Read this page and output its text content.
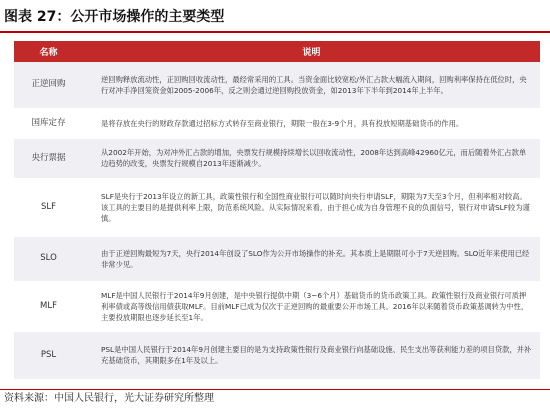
图表 27：公开市场操作的主要类型
名称	说明
正逆回购	逆回购释放流动性，正回购回收流动性，最经常采用的工具。当资金面比较宽松/外汇占款大幅流入期间，回购利率保持在低位时，央行对冲手净回笼资金如2005-2006年，反之则会通过逆回购投放资金，如2013年下半年到2014年上半年。
国库定存	是将存放在央行的财政存款通过招标方式转存至商业银行，期限一般在3-9个月，具有投放短期基础货币的作用。
央行票据	从2002年开始，为对冲外汇占款的增加，央票发行规模持续增长以回收流动性，2008年达到高峰42960亿元，而后随着外汇占款单边趋势的改变，央票发行规模自2013年逐渐减少。
SLF	SLF是央行于2013年设立的新工具，政策性银行和全国性商业银行可以随时向央行申请SLF，期限为7天至3个月，但利率相对较高。该工具的主要目的是提供利率上限，防范系统风险。从实际情况来看，由于担心成为自身管理不良的负面信号，银行对申请SLF较为谨慎。
SLO	由于正逆回购最短为7天，央行2014年创设了SLO作为公开市场操作的补充。其本质上是期限可小于7天逆回购。SLO近年来使用已经非常少见。
MLF	MLF是中国人民银行于2014年9月创建，是中央银行提供中期（3~6个月）基础货币的货币政策工具。政策性银行及商业银行可质押利率债或高等级信用债获取MLF。目前MLF已成为仅次于正逆回购的最重要公开市场工具。2016年以来随着货币政策基调转为中性，主要投放期限也逐步延长至1年。
PSL	PSL是中国人民银行于2014年9月创建主要目的是为支持政策性银行及商业银行向基础设施、民生支出等获利能力差的项目贷款，并补充基础货币，其期限多在1年及以上。
资料来源：中国人民银行，光大证券研究所整理
